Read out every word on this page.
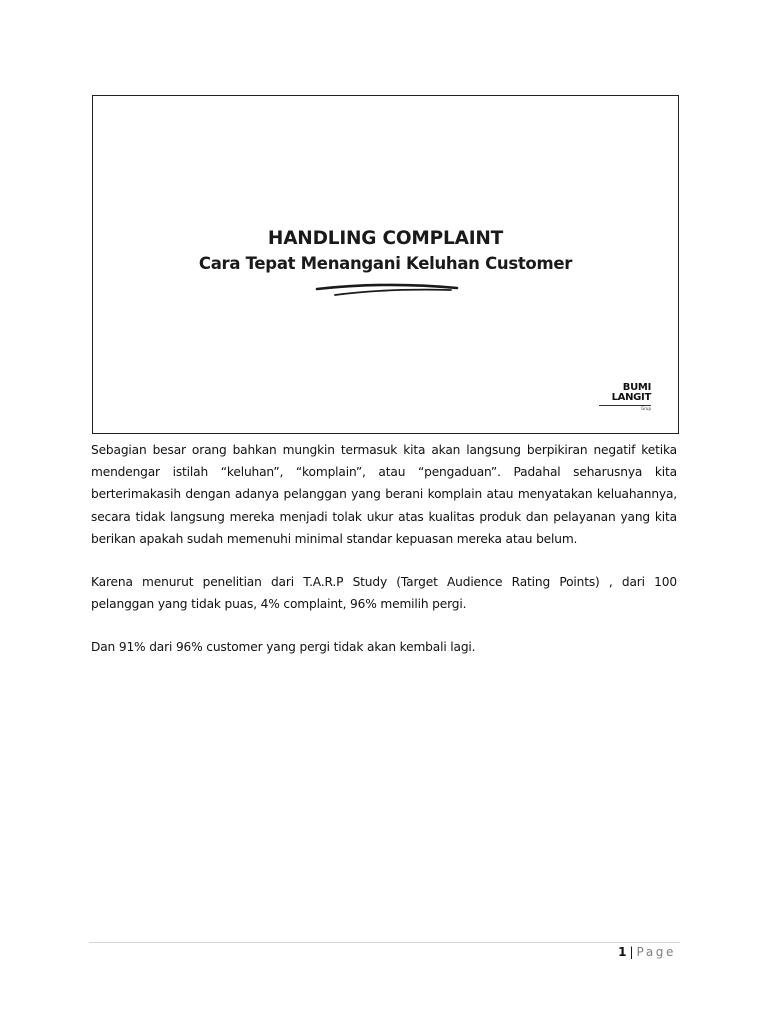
HANDLING COMPLAINT
Cara Tepat Menangani Keluhan Customer
BUMI
LANGIT
Grup

Sebagian besar orang bahkan mungkin termasuk kita akan langsung berpikiran negatif ketika mendengar istilah “keluhan”, “komplain”, atau “pengaduan”. Padahal seharusnya kita berterimakasih dengan adanya pelanggan yang berani komplain atau menyatakan keluahannya, secara tidak langsung mereka menjadi tolak ukur atas kualitas produk dan pelayanan yang kita berikan apakah sudah memenuhi minimal standar kepuasan mereka atau belum.

Karena menurut penelitian dari T.A.R.P Study (Target Audience Rating Points) , dari 100 pelanggan yang tidak puas, 4% complaint, 96% memilih pergi.

Dan 91% dari 96% customer yang pergi tidak akan kembali lagi.

1 | Page
